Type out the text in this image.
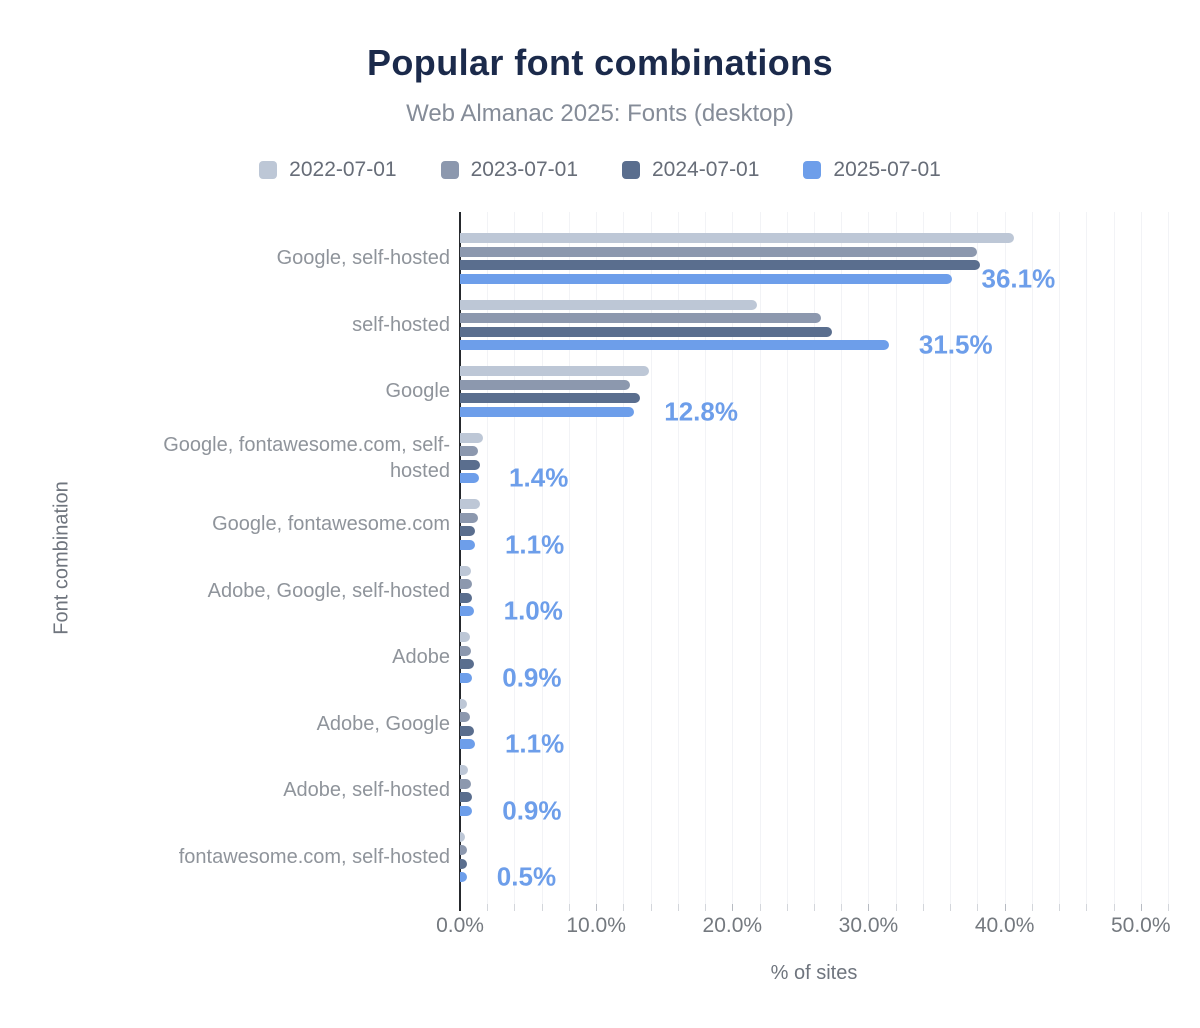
Popular font combinations
Web Almanac 2025: Fonts (desktop)
2022-07-01	2023-07-01	2024-07-01	2025-07-01
Font combination
% of sites
0.0%	10.0%	20.0%	30.0%	40.0%	50.0%
Google, self-hosted
36.1%
self-hosted
31.5%
Google
12.8%
Google, fontawesome.com, self-hosted 1.4%
Google, fontawesome.com
1.1%
Adobe, Google, self-hosted
1.0%
Adobe
0.9%
Adobe, Google
1.1%
Adobe, self-hosted
0.9%
fontawesome.com, self-hosted
0.5%
